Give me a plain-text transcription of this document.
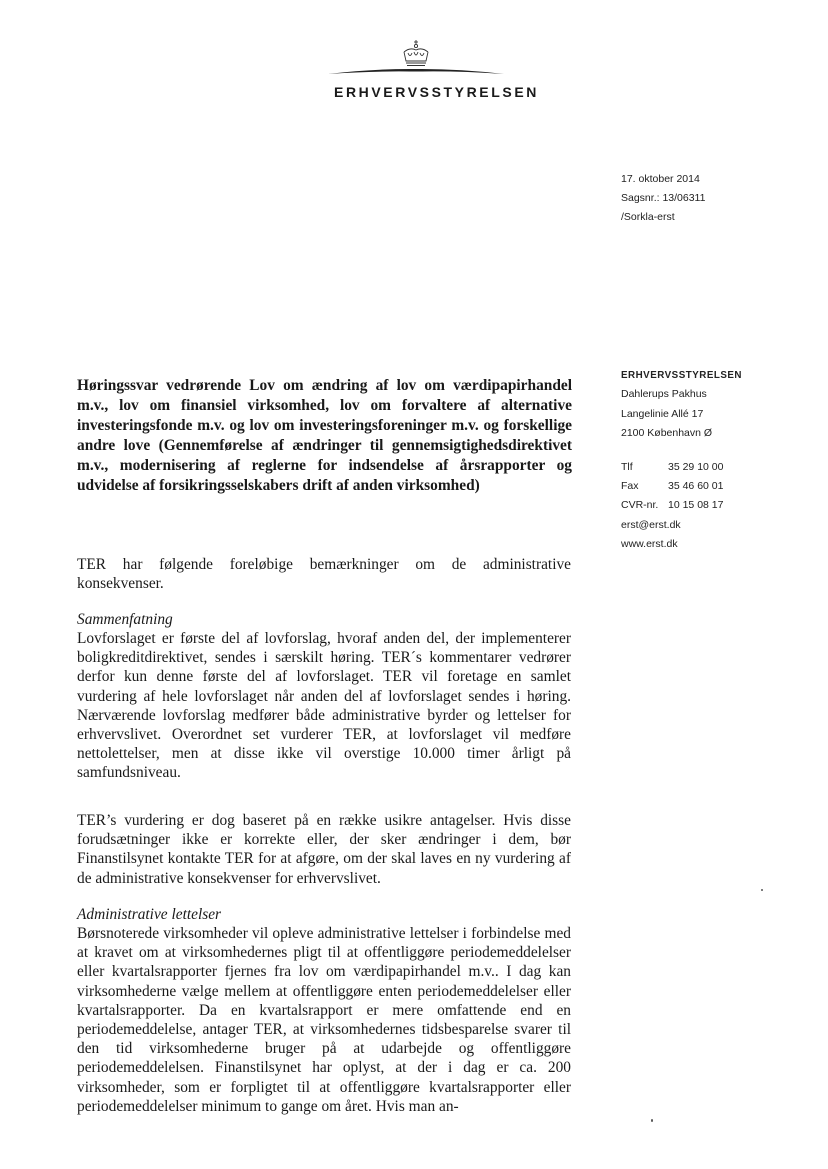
ERHVERVSSTYRELSEN
17. oktober 2014
Sagsnr.: 13/06311
/Sorkla-erst
ERHVERVSSTYRELSEN
Dahlerups Pakhus
Langelinie Allé 17
2100 København Ø
Tlf	35 29 10 00
Fax	35 46 60 01
CVR-nr. 10 15 08 17
erst@erst.dk
www.erst.dk
Høringssvar vedrørende Lov om ændring af lov om værdipapirhandel m.v., lov om finansiel virksomhed, lov om forvaltere af alternative investeringsfonde m.v. og lov om investeringsforeninger m.v. og forskellige andre love (Gennemførelse af ændringer til gennemsigtighedsdirektivet m.v., modernisering af reglerne for indsendelse af årsrapporter og udvidelse af forsikringsselskabers drift af anden virksomhed)
TER har følgende foreløbige bemærkninger om de administrative konsekvenser.
Sammenfatning
Lovforslaget er første del af lovforslag, hvoraf anden del, der implementerer boligkreditdirektivet, sendes i særskilt høring. TER´s kommentarer vedrører derfor kun denne første del af lovforslaget. TER vil foretage en samlet vurdering af hele lovforslaget når anden del af lovforslaget sendes i høring. Nærværende lovforslag medfører både administrative byrder og lettelser for erhvervslivet. Overordnet set vurderer TER, at lovforslaget vil medføre nettolettelser, men at disse ikke vil overstige 10.000 timer årligt på samfundsniveau.
TER’s vurdering er dog baseret på en række usikre antagelser. Hvis disse forudsætninger ikke er korrekte eller, der sker ændringer i dem, bør Finanstilsynet kontakte TER for at afgøre, om der skal laves en ny vurdering af de administrative konsekvenser for erhvervslivet.
Administrative lettelser
Børsnoterede virksomheder vil opleve administrative lettelser i forbindelse med at kravet om at virksomhedernes pligt til at offentliggøre periodemeddelelser eller kvartalsrapporter fjernes fra lov om værdipapirhandel m.v.. I dag kan virksomhederne vælge mellem at offentliggøre enten periodemeddelelser eller kvartalsrapporter. Da en kvartalsrapport er mere omfattende end en periodemeddelelse, antager TER, at virksomhedernes tidsbesparelse svarer til den tid virksomhederne bruger på at udarbejde og offentliggøre periodemeddelelsen. Finanstilsynet har oplyst, at der i dag er ca. 200 virksomheder, som er forpligtet til at offentliggøre kvartalsrapporter eller periodemeddelelser minimum to gange om året. Hvis man an-
